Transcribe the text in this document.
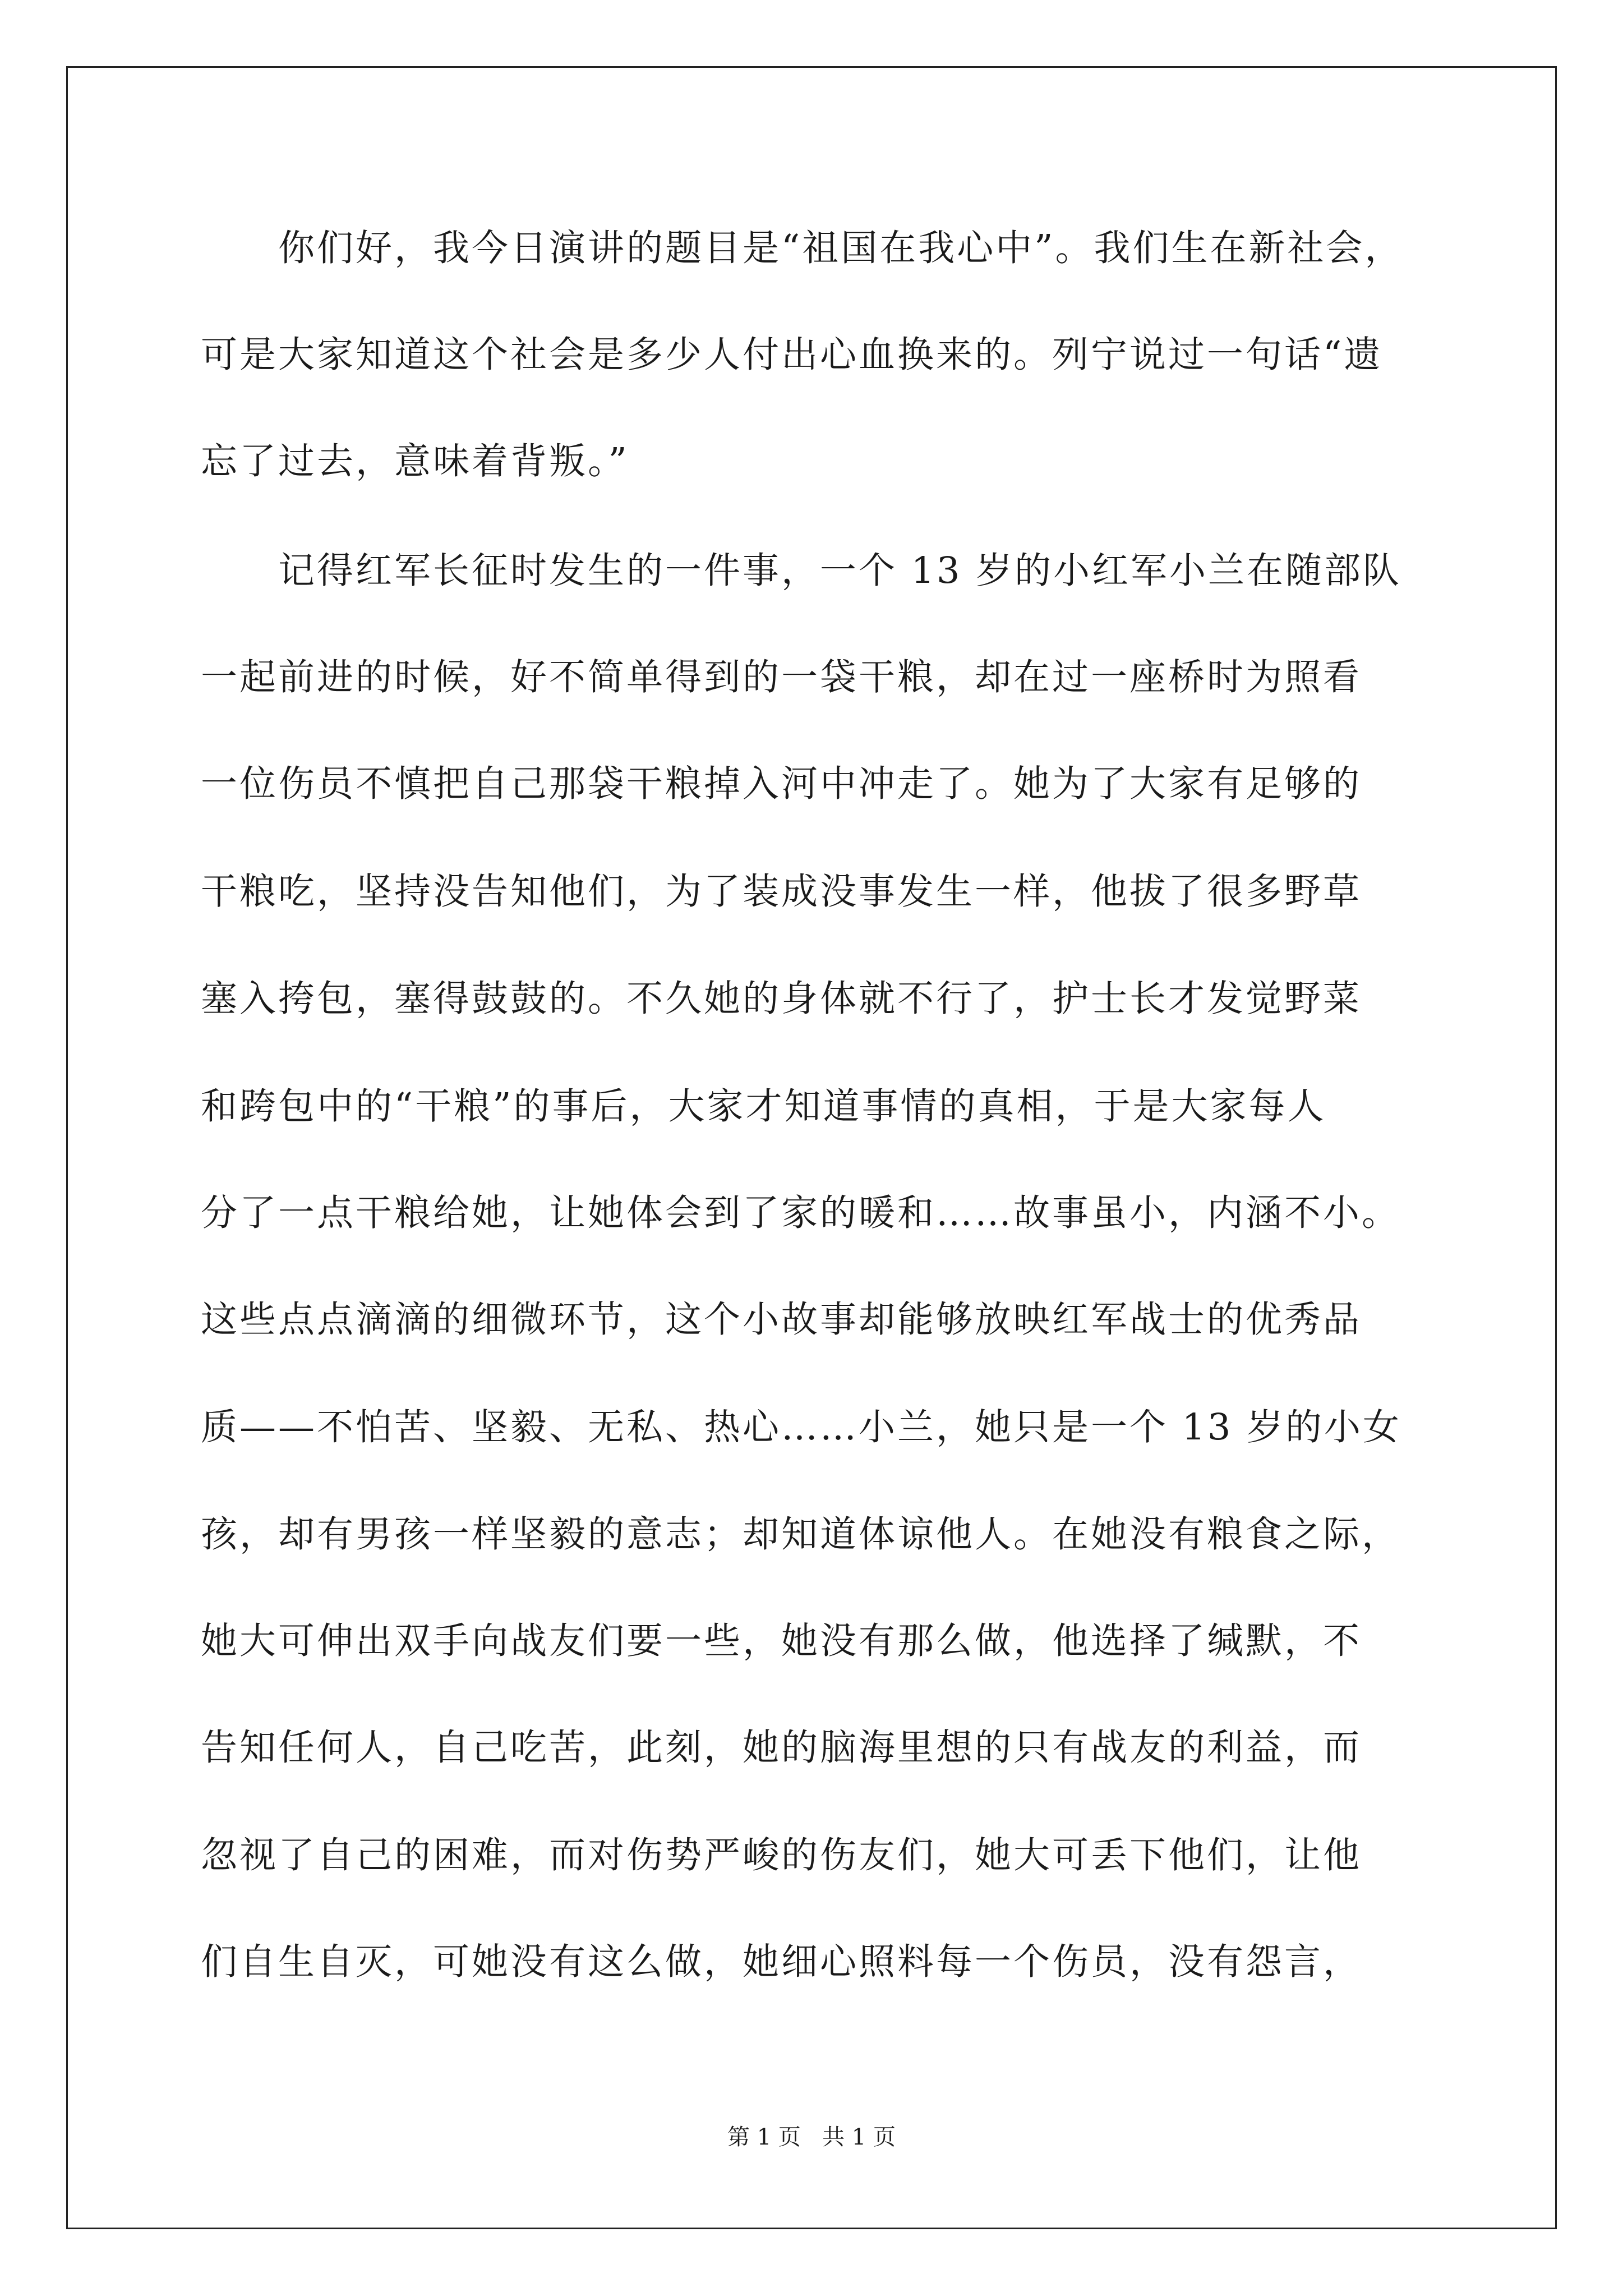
你们好，我今日演讲的题目是“祖国在我心中”。我们生在新社会，
可是大家知道这个社会是多少人付出心血换来的。列宁说过一句话“遗
忘了过去，意味着背叛。”
记得红军长征时发生的一件事，一个 13 岁的小红军小兰在随部队
一起前进的时候，好不简单得到的一袋干粮，却在过一座桥时为照看
一位伤员不慎把自己那袋干粮掉入河中冲走了。她为了大家有足够的
干粮吃，坚持没告知他们，为了装成没事发生一样，他拔了很多野草
塞入挎包，塞得鼓鼓的。不久她的身体就不行了，护士长才发觉野菜
和跨包中的“干粮”的事后，大家才知道事情的真相，于是大家每人
分了一点干粮给她，让她体会到了家的暖和……故事虽小，内涵不小。
这些点点滴滴的细微环节，这个小故事却能够放映红军战士的优秀品
质——不怕苦、坚毅、无私、热心……小兰，她只是一个 13 岁的小女
孩，却有男孩一样坚毅的意志；却知道体谅他人。在她没有粮食之际，
她大可伸出双手向战友们要一些，她没有那么做，他选择了缄默，不
告知任何人，自己吃苦，此刻，她的脑海里想的只有战友的利益，而
忽视了自己的困难，而对伤势严峻的伤友们，她大可丢下他们，让他
们自生自灭，可她没有这么做，她细心照料每一个伤员，没有怨言，
第 1 页   共 1 页
